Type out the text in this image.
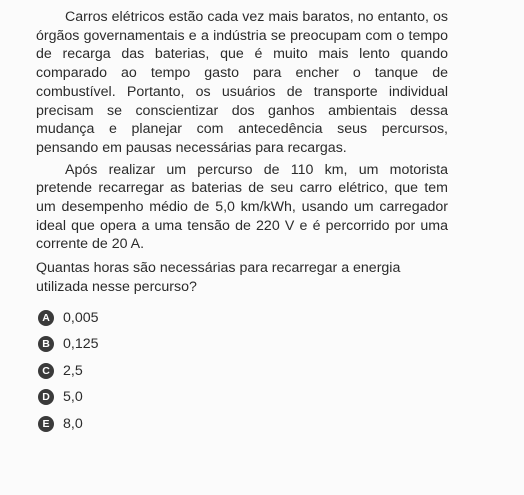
Carros elétricos estão cada vez mais baratos, no entanto, os órgãos governamentais e a indústria se preocupam com o tempo de recarga das baterias, que é muito mais lento quando comparado ao tempo gasto para encher o tanque de combustível. Portanto, os usuários de transporte individual precisam se conscientizar dos ganhos ambientais dessa mudança e planejar com antecedência seus percursos, pensando em pausas necessárias para recargas.

Após realizar um percurso de 110 km, um motorista pretende recarregar as baterias de seu carro elétrico, que tem um desempenho médio de 5,0 km/kWh, usando um carregador ideal que opera a uma tensão de 220 V e é percorrido por uma corrente de 20 A.

Quantas horas são necessárias para recarregar a energia utilizada nesse percurso?

A 0,005
B 0,125
C 2,5
D 5,0
E 8,0
